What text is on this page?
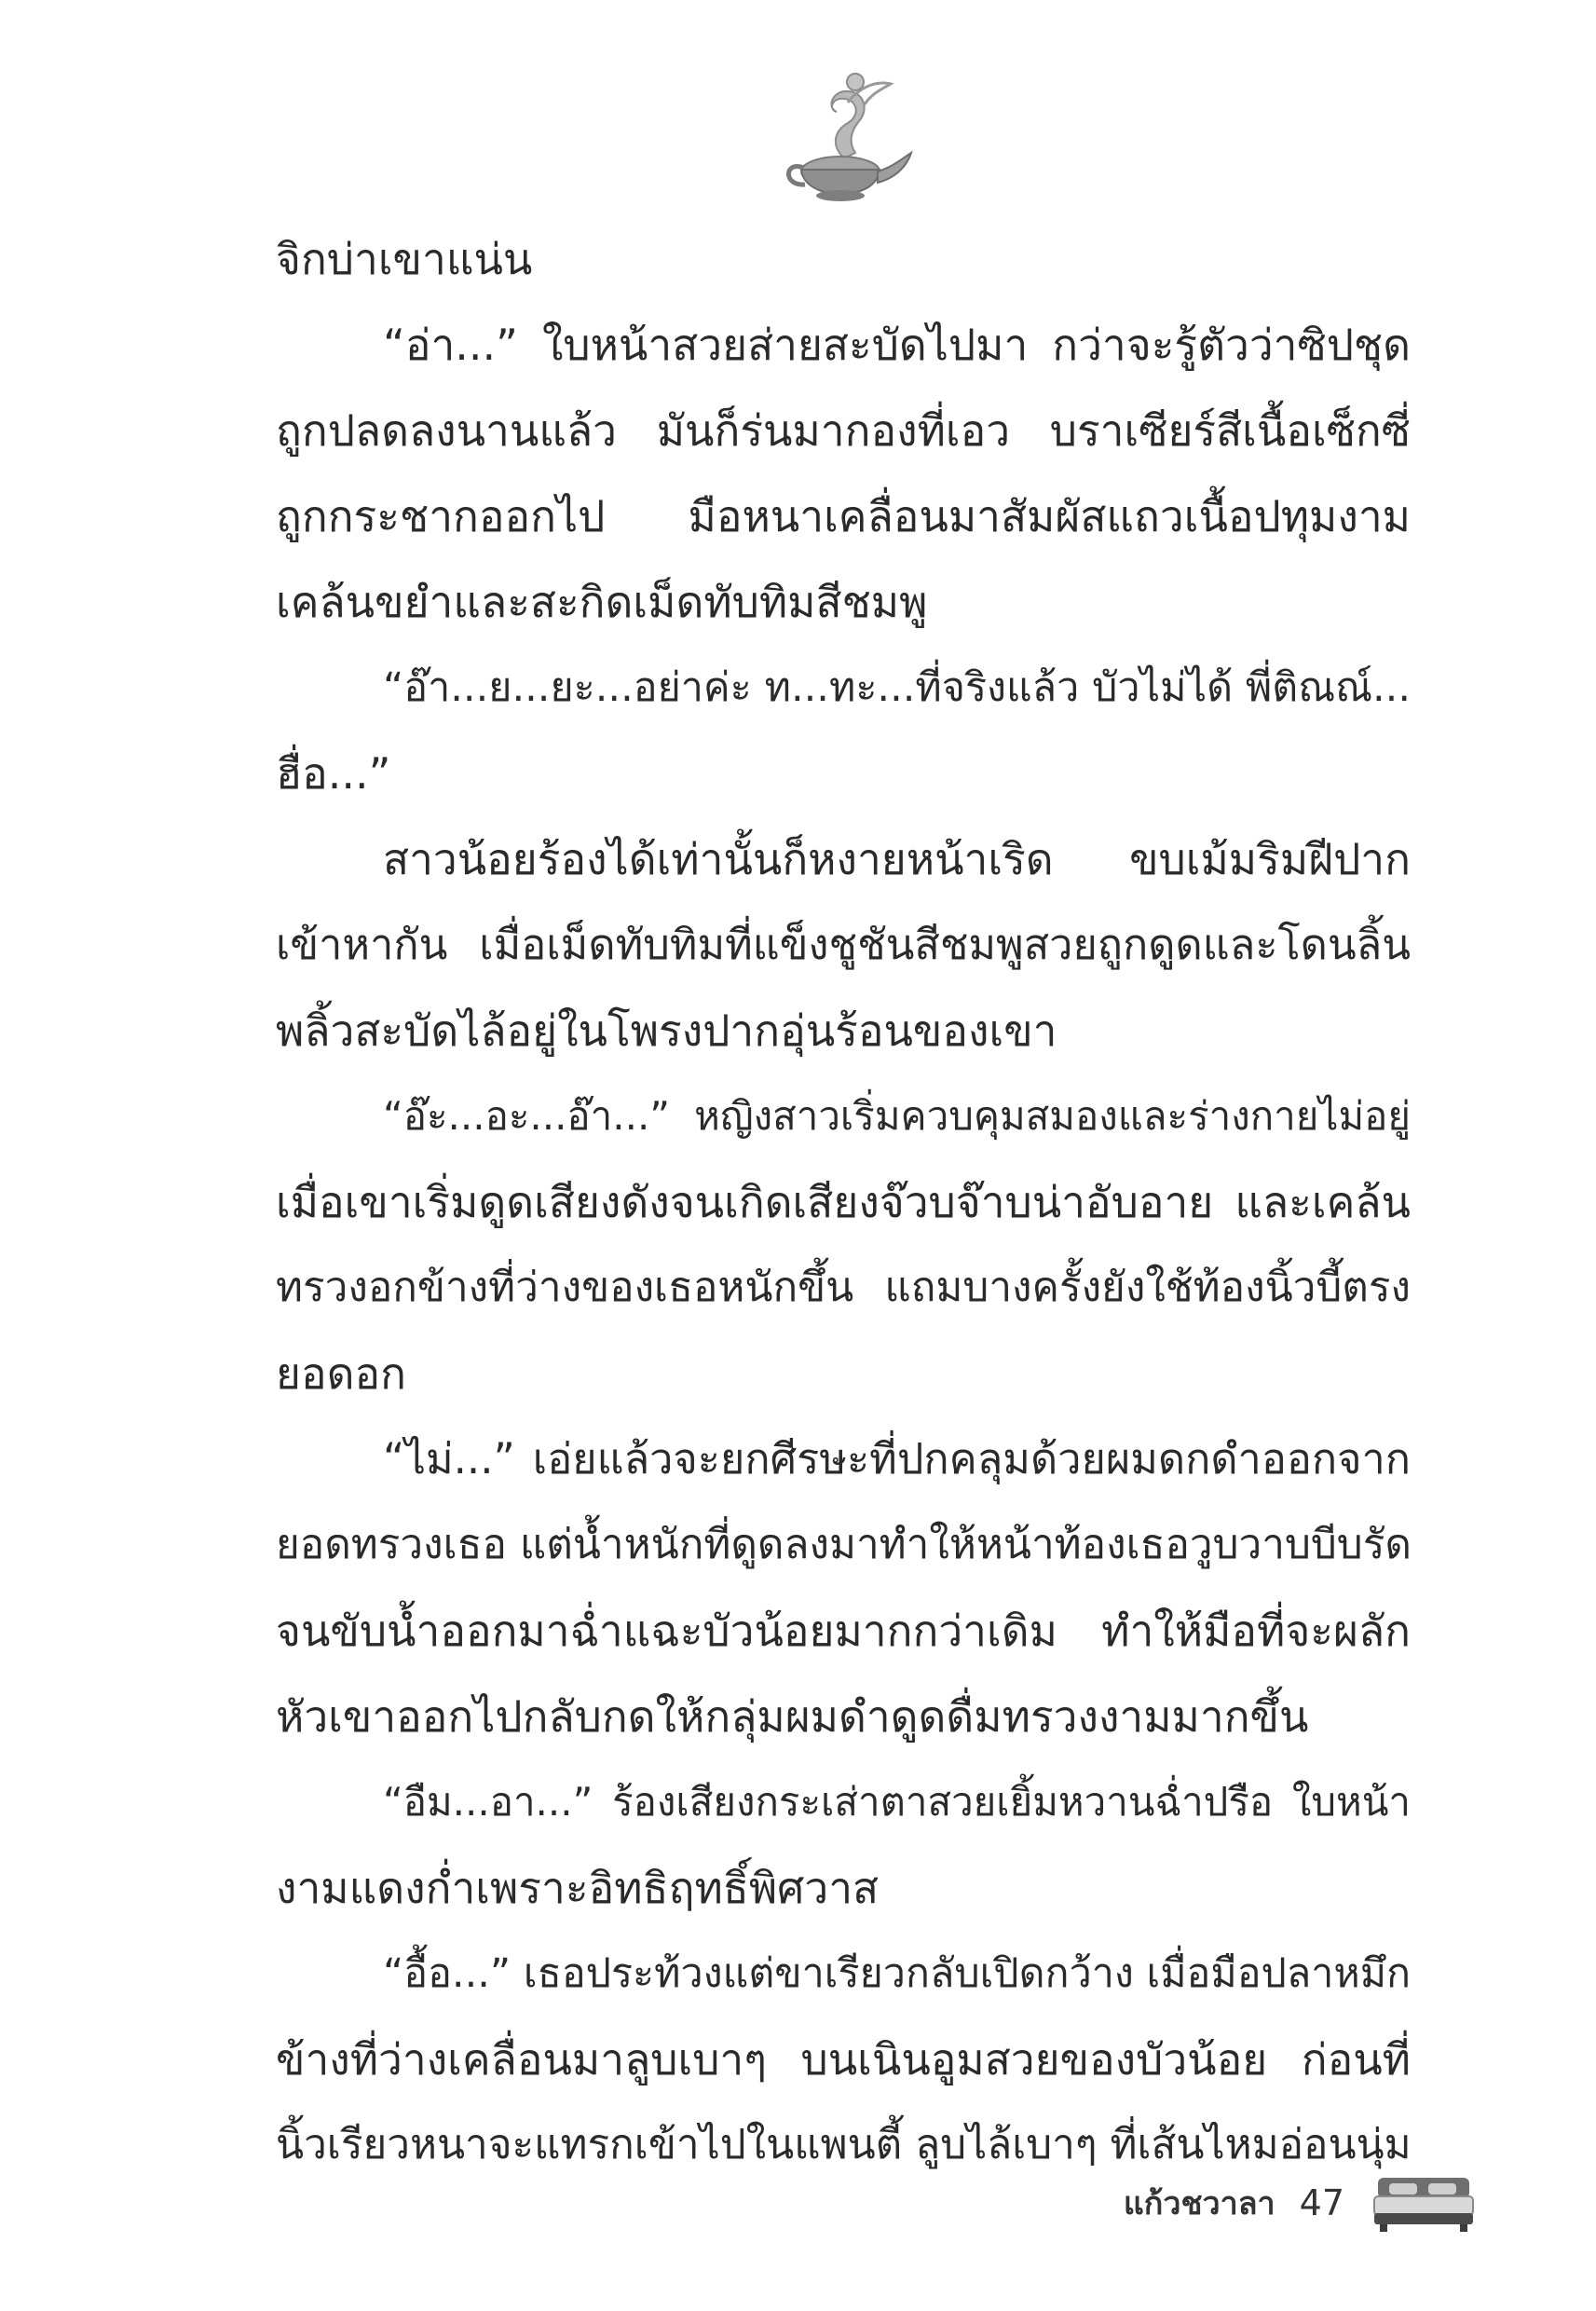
จิกบ่าเขาแน่น
“อ่า...” ใบหน้าสวยส่ายสะบัดไปมา กว่าจะรู้ตัวว่าซิปชุด
ถูกปลดลงนานแล้ว มันก็ร่นมากองที่เอว บราเซียร์สีเนื้อเซ็กซี่
ถูกกระชากออกไป มือหนาเคลื่อนมาสัมผัสแถวเนื้อปทุมงาม
เคล้นขยำและสะกิดเม็ดทับทิมสีชมพู
“อ๊า...ย...ยะ...อย่าค่ะ ท...ทะ...ที่จริงแล้ว บัวไม่ได้ พี่ติณณ์...
ฮื่อ...”
สาวน้อยร้องได้เท่านั้นก็หงายหน้าเริด ขบเม้มริมฝีปาก
เข้าหากัน เมื่อเม็ดทับทิมที่แข็งชูชันสีชมพูสวยถูกดูดและโดนลิ้น
พลิ้วสะบัดไล้อยู่ในโพรงปากอุ่นร้อนของเขา
“อ๊ะ...อะ...อ๊า...” หญิงสาวเริ่มควบคุมสมองและร่างกายไม่อยู่
เมื่อเขาเริ่มดูดเสียงดังจนเกิดเสียงจ๊วบจ๊าบน่าอับอาย และเคล้น
ทรวงอกข้างที่ว่างของเธอหนักขึ้น แถมบางครั้งยังใช้ท้องนิ้วบี้ตรง
ยอดอก
“ไม่...” เอ่ยแล้วจะยกศีรษะที่ปกคลุมด้วยผมดกดำออกจาก
ยอดทรวงเธอ แต่น้ำหนักที่ดูดลงมาทำให้หน้าท้องเธอวูบวาบบีบรัด
จนขับน้ำออกมาฉ่ำแฉะบัวน้อยมากกว่าเดิม ทำให้มือที่จะผลัก
หัวเขาออกไปกลับกดให้กลุ่มผมดำดูดดื่มทรวงงามมากขึ้น
“อืม...อา...” ร้องเสียงกระเส่าตาสวยเยิ้มหวานฉ่ำปรือ ใบหน้า
งามแดงก่ำเพราะอิทธิฤทธิ์พิศวาส
“อื้อ...” เธอประท้วงแต่ขาเรียวกลับเปิดกว้าง เมื่อมือปลาหมึก
ข้างที่ว่างเคลื่อนมาลูบเบาๆ บนเนินอูมสวยของบัวน้อย ก่อนที่
นิ้วเรียวหนาจะแทรกเข้าไปในแพนตี้ ลูบไล้เบาๆ ที่เส้นไหมอ่อนนุ่ม
แก้วชวาลา 47
